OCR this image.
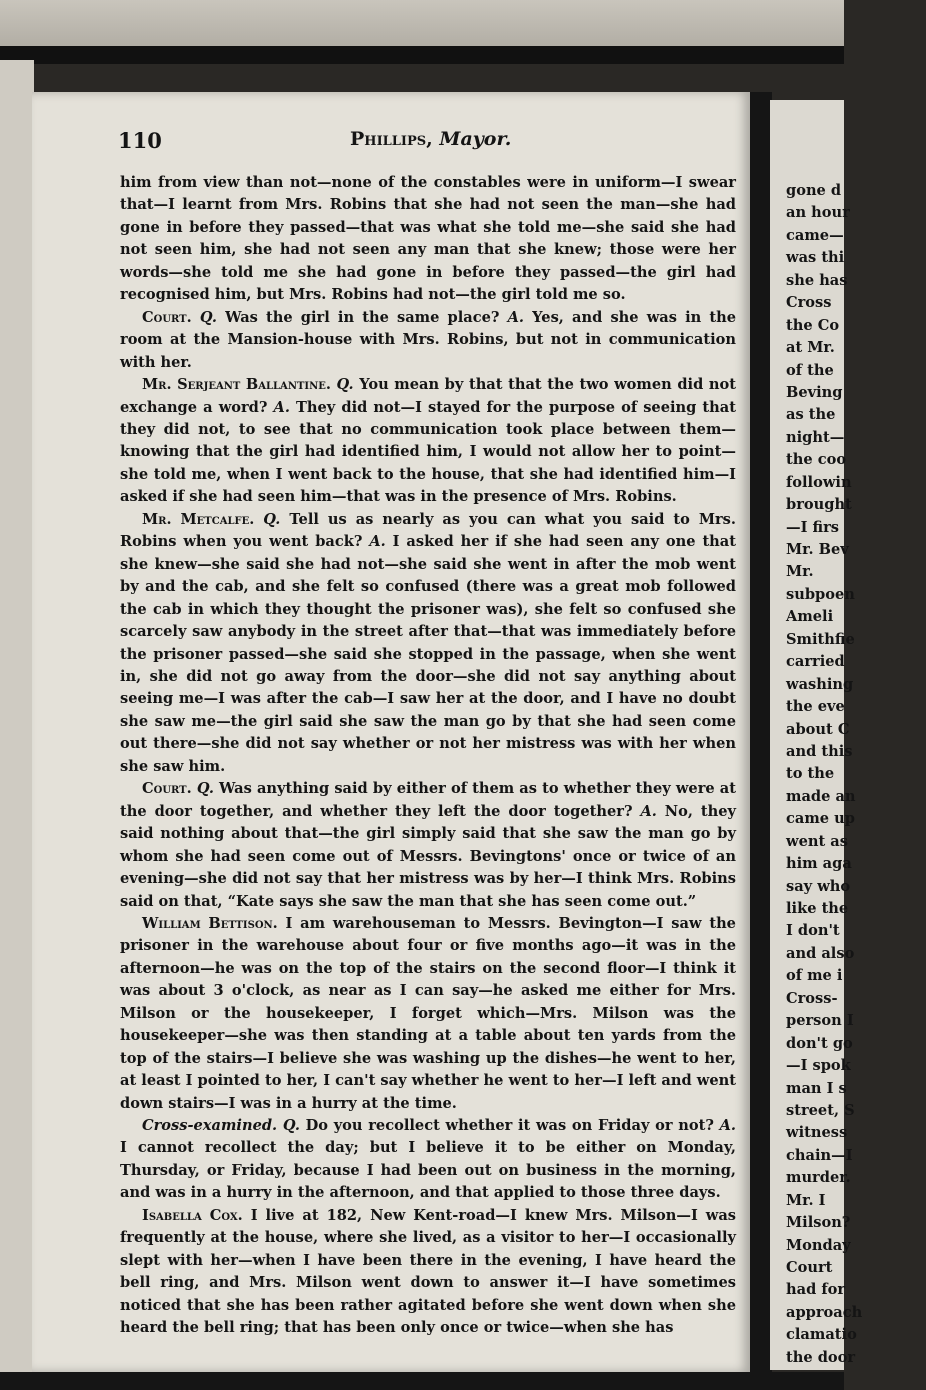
110	Phillips, Mayor.

him from view than not—none of the constables were in uniform—I swear that—I learnt from Mrs. Robins that she had not seen the man—she had gone in before they passed—that was what she told me—she said she had not seen him, she had not seen any man that she knew; those were her words—she told me she had gone in before they passed—the girl had recognised him, but Mrs. Robins had not—the girl told me so.

Court. Q. Was the girl in the same place? A. Yes, and she was in the room at the Mansion-house with Mrs. Robins, but not in communication with her.

Mr. Serjeant Ballantine. Q. You mean by that that the two women did not exchange a word? A. They did not—I stayed for the purpose of seeing that they did not, to see that no communication took place between them—knowing that the girl had identified him, I would not allow her to point—she told me, when I went back to the house, that she had identified him—I asked if she had seen him—that was in the presence of Mrs. Robins.

Mr. Metcalfe. Q. Tell us as nearly as you can what you said to Mrs. Robins when you went back? A. I asked her if she had seen any one that she knew—she said she had not—she said she went in after the mob went by and the cab, and she felt so confused (there was a great mob followed the cab in which they thought the prisoner was), she felt so confused she scarcely saw anybody in the street after that—that was immediately before the prisoner passed—she said she stopped in the passage, when she went in, she did not go away from the door—she did not say anything about seeing me—I was after the cab—I saw her at the door, and I have no doubt she saw me—the girl said she saw the man go by that she had seen come out there—she did not say whether or not her mistress was with her when she saw him.

Court. Q. Was anything said by either of them as to whether they were at the door together, and whether they left the door together? A. No, they said nothing about that—the girl simply said that she saw the man go by whom she had seen come out of Messrs. Bevingtons' once or twice of an evening—she did not say that her mistress was by her—I think Mrs. Robins said on that, “Kate says she saw the man that she has seen come out.”

William Bettison. I am warehouseman to Messrs. Bevington—I saw the prisoner in the warehouse about four or five months ago—it was in the afternoon—he was on the top of the stairs on the second floor—I think it was about 3 o'clock, as near as I can say—he asked me either for Mrs. Milson or the housekeeper, I forget which—Mrs. Milson was the housekeeper—she was then standing at a table about ten yards from the top of the stairs—I believe she was washing up the dishes—he went to her, at least I pointed to her, I can't say whether he went to her—I left and went down stairs—I was in a hurry at the time.

Cross-examined. Q. Do you recollect whether it was on Friday or not? A. I cannot recollect the day; but I believe it to be either on Monday, Thursday, or Friday, because I had been out on business in the morning, and was in a hurry in the afternoon, and that applied to those three days.

Isabella Cox. I live at 182, New Kent-road—I knew Mrs. Milson—I was frequently at the house, where she lived, as a visitor to her—I occasionally slept with her—when I have been there in the evening, I have heard the bell ring, and Mrs. Milson went down to answer it—I have sometimes noticed that she has been rather agitated before she went down when she heard the bell ring; that has been only once or twice—when she has

gone d
an hour
came—
was thi
she has
Cross
the Co
at Mr.
of the
Beving
as the
night—
the coo
followin
brought
—I firs
Mr. Bev
Mr.
subpoen
Ameli
Smithfie
carried
washing
the eve
about C
and this
to the
made an
came up
went as
him aga
say who
like the
I don't
and also
of me i
Cross-
person I
don't go
—I spok
man I s
street, S
witness
chain—I
murder.
Mr. I
Milson?
Monday
Court
had for
approach
clamatio
the door
